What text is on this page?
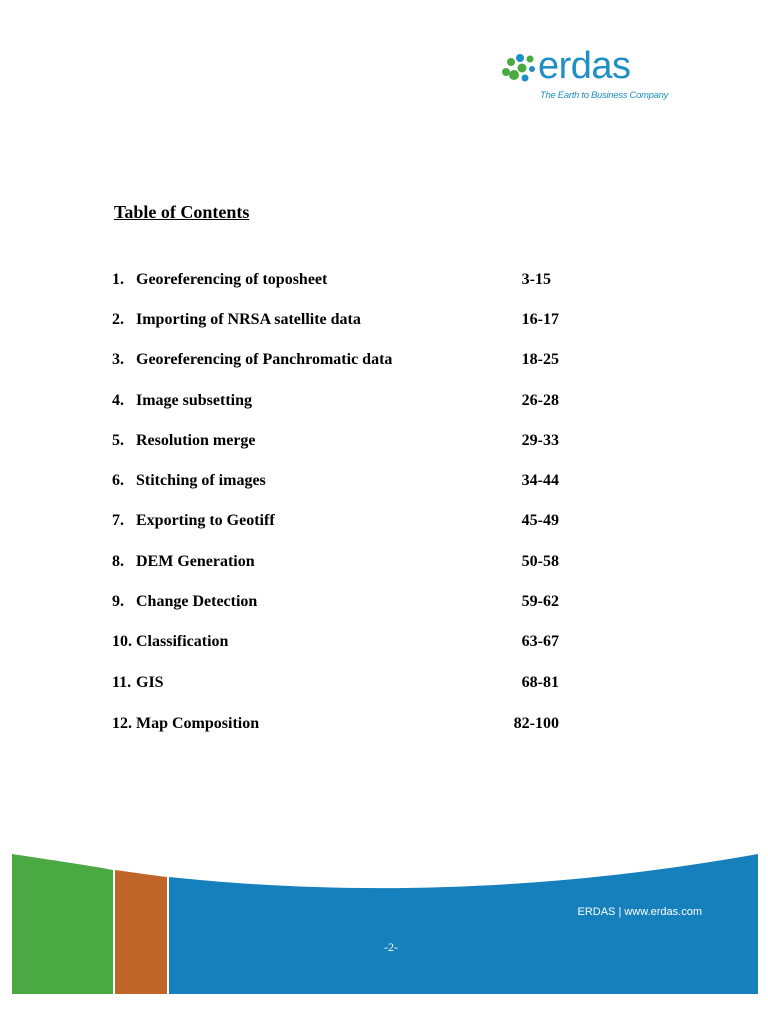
erdas
The Earth to Business Company
Table of Contents
1. Georeferencing of toposheet	3-15
2. Importing of NRSA satellite data	16-17
3. Georeferencing of Panchromatic data	18-25
4. Image subsetting	26-28
5. Resolution merge	29-33
6. Stitching of images	34-44
7. Exporting to Geotiff	45-49
8. DEM Generation	50-58
9. Change Detection	59-62
10. Classification	63-67
11. GIS	68-81
12. Map Composition	82-100
ERDAS | www.erdas.com
-2-
